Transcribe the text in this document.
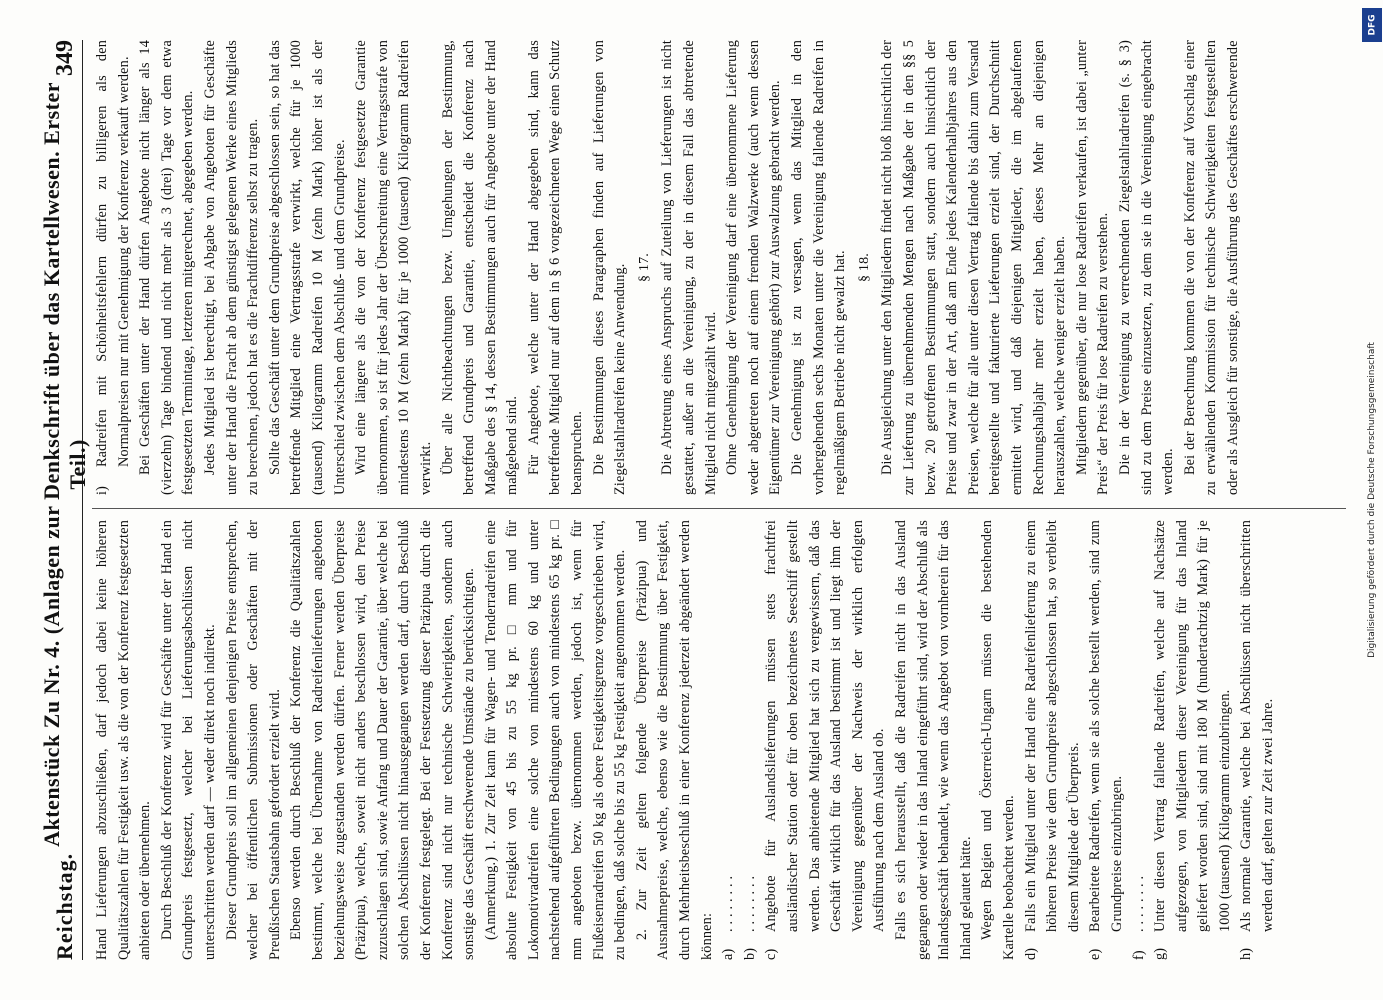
Reichstag.
Aktenstück Zu Nr. 4. (Anlagen zur Denkschrift über das Kartellwesen. Erster Teil.)
349

Hand Lieferungen abzuschließen, darf jedoch dabei keine höheren Qualitätszahlen für Festigkeit usw. als die von der Konferenz festgesetzten anbieten oder übernehmen. Durch Beschluß der Konferenz wird für Geschäfte unter der Hand ein Grundpreis festgesetzt, welcher bei Lieferungsabschlüssen nicht unterschritten werden darf — weder direkt noch indirekt. Dieser Grundpreis soll im allgemeinen denjenigen Preise entsprechen, welcher bei öffentlichen Submissionen oder Geschäften mit der Preußischen Staatsbahn gefordert erzielt wird. Ebenso werden durch Beschluß der Konferenz die Qualitätszahlen bestimmt, welche bei Übernahme von Radreifenlieferungen angeboten beziehungsweise zugestanden werden dürfen. Ferner werden Überpreise (Präzipua), welche, soweit nicht anders beschlossen wird, den Preise zuzuschlagen sind, sowie Anfang und Dauer der Garantie, über welche bei solchen Abschlüssen nicht hinausgegangen werden darf, durch Beschluß der Konferenz festgelegt. Bei der Festsetzung dieser Präzipua durch die Konferenz sind nicht nur technische Schwierigkeiten, sondern auch sonstige das Geschäft erschwerende Umstände zu berücksichtigen. (Anmerkung.) 1. Zur Zeit kann für Wagen- und Tenderradreifen eine absolute Festigkeit von 45 bis zu 55 kg pr. □ mm und für Lokomotivradreifen eine solche von mindestens 60 kg und unter nachstehend aufgeführten Bedingungen auch von mindestens 65 kg pr. □ mm angeboten bezw. übernommen werden, jedoch ist, wenn für Flußeisenradreifen 50 kg als obere Festigkeitsgrenze vorgeschrieben wird, zu bedingen, daß solche bis zu 55 kg Festigkeit angenommen werden. 2. Zur Zeit gelten folgende Überpreise (Präzipua) und Ausnahmepreise, welche, ebenso wie die Bestimmung über Festigkeit, durch Mehrheitsbeschluß in einer Konferenz jederzeit abgeändert werden können: a)
. . . . . . . .
b)
. . . . . . . .
c)
Angebote für Auslandslieferungen müssen stets frachtfrei ausländischer Station oder für oben bezeichnetes Seeschiff gestellt werden. Das anbietende Mitglied hat sich zu vergewissern, daß das Geschäft wirklich für das Ausland bestimmt ist und liegt ihm der Vereinigung gegenüber der Nachweis der wirklich erfolgten Ausführung nach dem Ausland ob. Falls es sich herausstellt, daß die Radreifen nicht in das Ausland gegangen oder wieder in das Inland eingeführt sind, wird der Abschluß als Inlandsgeschäft behandelt, wie wenn das Angebot von vornherein für das Inland gelautet hätte. Wegen Belgien und Österreich-Ungarn müssen die bestehenden Kartelle beobachtet werden. d)
Falls ein Mitglied unter der Hand eine Radreifenlieferung zu einem höheren Preise wie dem Grundpreise abgeschlossen hat, so verbleibt diesem Mitgliede der Überpreis.
e)
Bearbeitete Radreifen, wenn sie als solche bestellt werden, sind zum Grundpreise einzubringen.
f)
. . . . . . . .
g)
Unter diesen Vertrag fallende Radreifen, welche auf Nachsätze aufgezogen, von Mitgliedern dieser Vereinigung für das Inland geliefert worden sind, sind mit 180 M (hundertachtzig Mark) für je 1000 (tausend) Kilogramm einzubringen.
h)
Als normale Garantie, welche bei Abschlüssen nicht überschritten werden darf, gelten zur Zeit zwei Jahre.
i)
Radreifen mit Schönheitsfehlern dürfen zu billigeren als den Normalpreisen nur mit Genehmigung der Konferenz verkauft werden. Bei Geschäften unter der Hand dürfen Angebote nicht länger als 14 (vierzehn) Tage bindend und nicht mehr als 3 (drei) Tage vor dem etwa festgesetzten Termintage, letzteren mitgerechnet, abgegeben werden. Jedes Mitglied ist berechtigt, bei Abgabe von Angeboten für Geschäfte unter der Hand die Fracht ab dem günstigst gelegenen Werke eines Mitglieds zu berechnen, jedoch hat es die Frachtdifferenz selbst zu tragen. Sollte das Geschäft unter dem Grundpreise abgeschlossen sein, so hat das betreffende Mitglied eine Vertragsstrafe verwirkt, welche für je 1000 (tausend) Kilogramm Radreifen 10 M (zehn Mark) höher ist als der Unterschied zwischen dem Abschluß- und dem Grundpreise. Wird eine längere als die von der Konferenz festgesetzte Garantie übernommen, so ist für jedes Jahr der Überschreitung eine Vertragsstrafe von mindestens 10 M (zehn Mark) für je 1000 (tausend) Kilogramm Radreifen verwirkt. Über alle Nichtbeachtungen bezw. Umgehungen der Bestimmung, betreffend Grundpreis und Garantie, entscheidet die Konferenz nach Maßgabe des § 14, dessen Bestimmungen auch für Angebote unter der Hand maßgebend sind. Für Angebote, welche unter der Hand abgegeben sind, kann das betreffende Mitglied nur auf dem in § 6 vorgezeichneten Wege einen Schutz beanspruchen. Die Bestimmungen dieses Paragraphen finden auf Lieferungen von Ziegelstahlradreifen keine Anwendung. § 17. Die Abtretung eines Anspruchs auf Zuteilung von Lieferungen ist nicht gestattet, außer an die Vereinigung, zu der in diesem Fall das abtretende Mitglied nicht mitgezählt wird. Ohne Genehmigung der Vereinigung darf eine übernommene Lieferung weder abgetreten noch auf einem fremden Walzwerke (auch wenn dessen Eigentümer zur Vereinigung gehört) zur Auswalzung gebracht werden. Die Genehmigung ist zu versagen, wenn das Mitglied in den vorhergehenden sechs Monaten unter die Vereinigung fallende Radreifen in regelmäßigem Betriebe nicht gewalzt hat. § 18. Die Ausgleichung unter den Mitgliedern findet nicht bloß hinsichtlich der zur Lieferung zu übernehmenden Mengen nach Maßgabe der in den §§ 5 bezw. 20 getroffenen Bestimmungen statt, sondern auch hinsichtlich der Preise und zwar in der Art, daß am Ende jedes Kalenderhalbjahres aus den Preisen, welche für alle unter diesen Vertrag fallende bis dahin zum Versand bereitgestellte und fakturierte Lieferungen erzielt sind, der Durchschnitt ermittelt wird, und daß diejenigen Mitglieder, die im abgelaufenen Rechnungshalbjahr mehr erzielt haben, dieses Mehr an diejenigen herauszahlen, welche weniger erzielt haben. Mitgliedern gegenüber, die nur lose Radreifen verkaufen, ist dabei „unter Preis“ der Preis für lose Radreifen zu verstehen. Die in der Vereinigung zu verrechnenden Ziegelstahlradreifen (s. § 3) sind zu dem Preise einzusetzen, zu dem sie in die Vereinigung eingebracht werden. Bei der Berechnung kommen die von der Konferenz auf Vorschlag einer zu erwählenden Kommission für technische Schwierigkeiten festgestellten oder als Ausgleich für sonstige, die Ausführung des Geschäftes erschwerende

Digitalisierung gefördert durch die Deutsche Forschungsgemeinschaft
DFG
